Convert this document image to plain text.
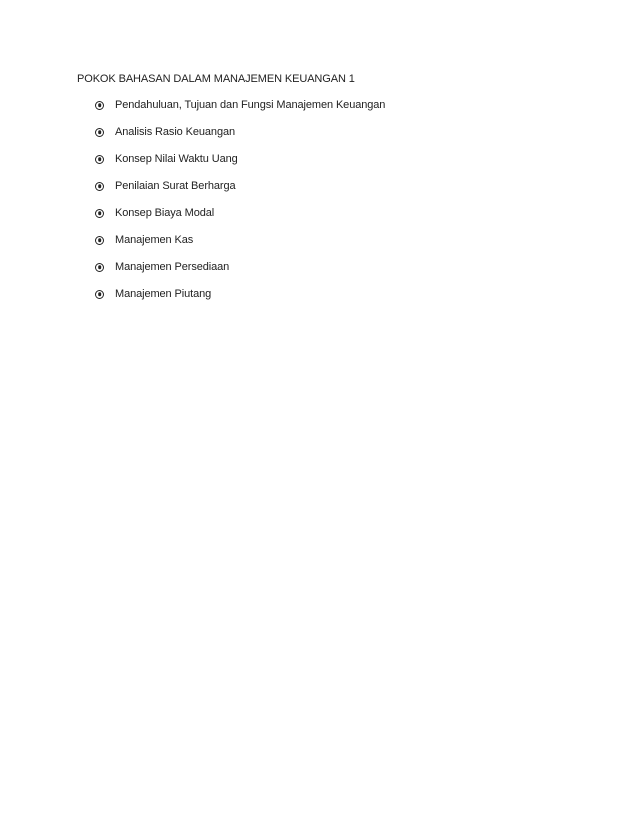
POKOK BAHASAN DALAM MANAJEMEN KEUANGAN 1
Pendahuluan, Tujuan dan Fungsi Manajemen Keuangan
Analisis Rasio Keuangan
Konsep Nilai Waktu Uang
Penilaian Surat Berharga
Konsep Biaya Modal
Manajemen Kas
Manajemen Persediaan
Manajemen Piutang
